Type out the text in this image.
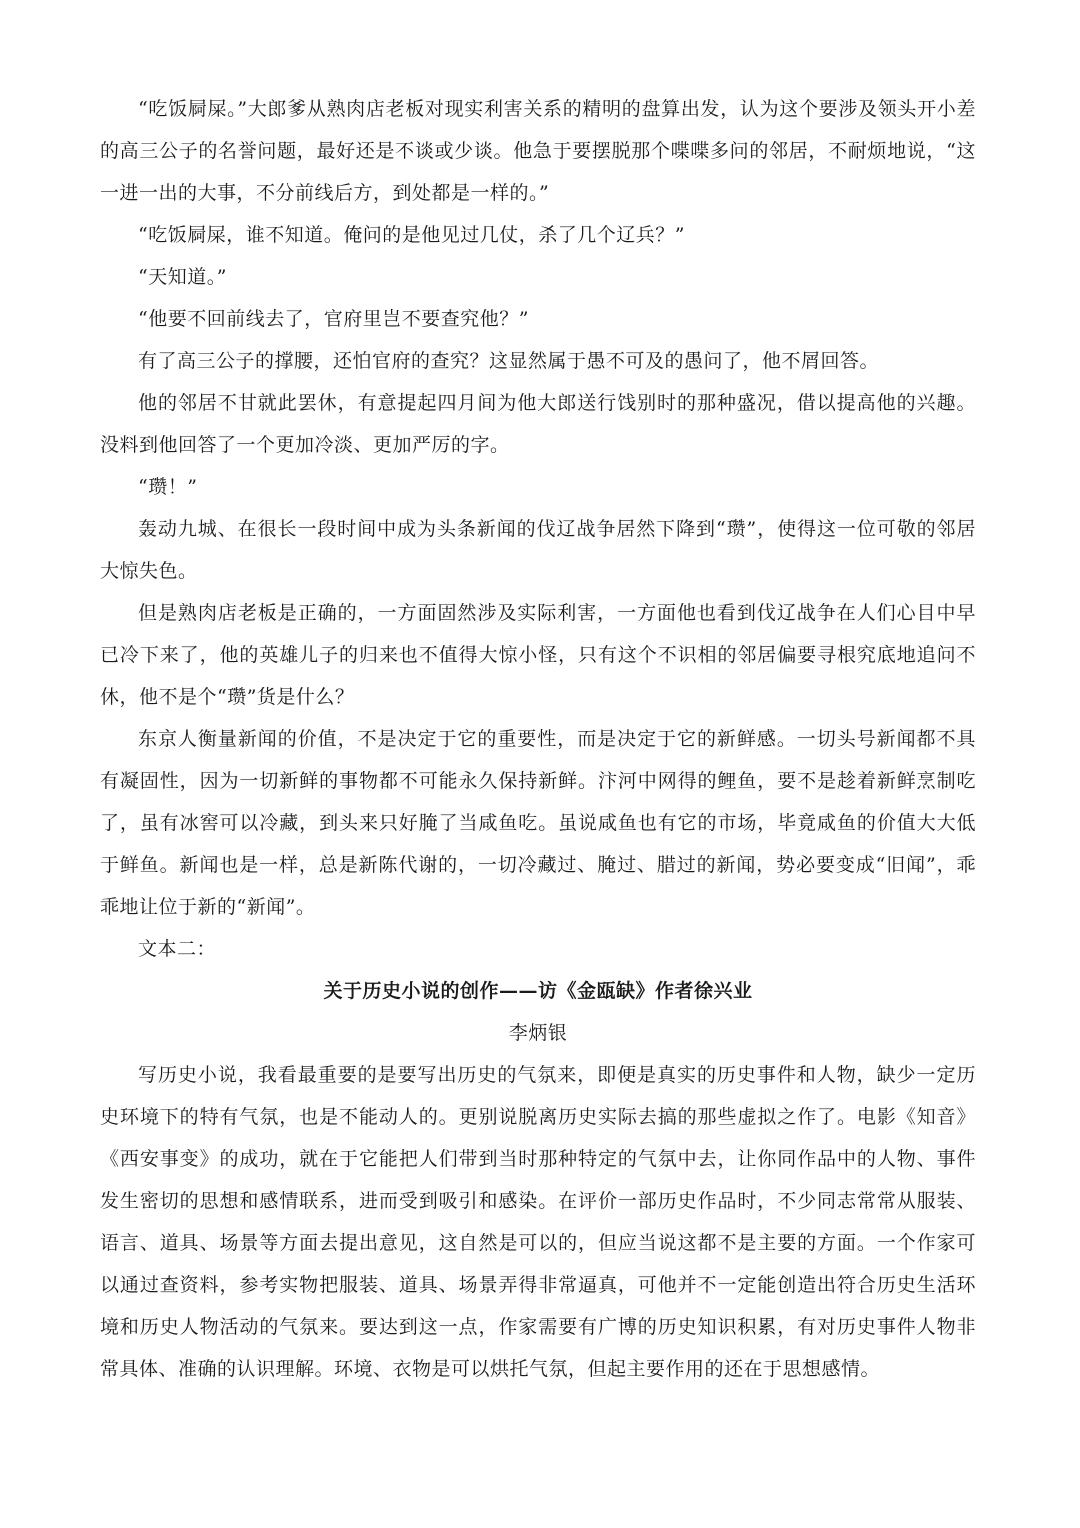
“吃饭屙屎。”大郎爹从熟肉店老板对现实利害关系的精明的盘算出发，认为这个要涉及领头开小差的高三公子的名誉问题，最好还是不谈或少谈。他急于要摆脱那个喋喋多问的邻居，不耐烦地说，“这一进一出的大事，不分前线后方，到处都是一样的。”

“吃饭屙屎，谁不知道。俺问的是他见过几仗，杀了几个辽兵？”

“天知道。”

“他要不回前线去了，官府里岂不要查究他？”

有了高三公子的撑腰，还怕官府的查究？这显然属于愚不可及的愚问了，他不屑回答。

他的邻居不甘就此罢休，有意提起四月间为他大郎送行饯别时的那种盛况，借以提高他的兴趣。没料到他回答了一个更加冷淡、更加严厉的字。

“瓒！”

轰动九城、在很长一段时间中成为头条新闻的伐辽战争居然下降到“瓒”，使得这一位可敬的邻居大惊失色。

但是熟肉店老板是正确的，一方面固然涉及实际利害，一方面他也看到伐辽战争在人们心目中早已冷下来了，他的英雄儿子的归来也不值得大惊小怪，只有这个不识相的邻居偏要寻根究底地追问不休，他不是个“瓒”货是什么？

东京人衡量新闻的价值，不是决定于它的重要性，而是决定于它的新鲜感。一切头号新闻都不具有凝固性，因为一切新鲜的事物都不可能永久保持新鲜。汴河中网得的鲤鱼，要不是趁着新鲜烹制吃了，虽有冰窖可以冷藏，到头来只好腌了当咸鱼吃。虽说咸鱼也有它的市场，毕竟咸鱼的价值大大低于鲜鱼。新闻也是一样，总是新陈代谢的，一切冷藏过、腌过、腊过的新闻，势必要变成“旧闻”，乖乖地让位于新的“新闻”。

文本二：

关于历史小说的创作——访《金瓯缺》作者徐兴业

李炳银

写历史小说，我看最重要的是要写出历史的气氛来，即便是真实的历史事件和人物，缺少一定历史环境下的特有气氛，也是不能动人的。更别说脱离历史实际去搞的那些虚拟之作了。电影《知音》《西安事变》的成功，就在于它能把人们带到当时那种特定的气氛中去，让你同作品中的人物、事件发生密切的思想和感情联系，进而受到吸引和感染。在评价一部历史作品时，不少同志常常从服装、语言、道具、场景等方面去提出意见，这自然是可以的，但应当说这都不是主要的方面。一个作家可以通过查资料，参考实物把服装、道具、场景弄得非常逼真，可他并不一定能创造出符合历史生活环境和历史人物活动的气氛来。要达到这一点，作家需要有广博的历史知识积累，有对历史事件人物非常具体、准确的认识理解。环境、衣物是可以烘托气氛，但起主要作用的还在于思想感情。
